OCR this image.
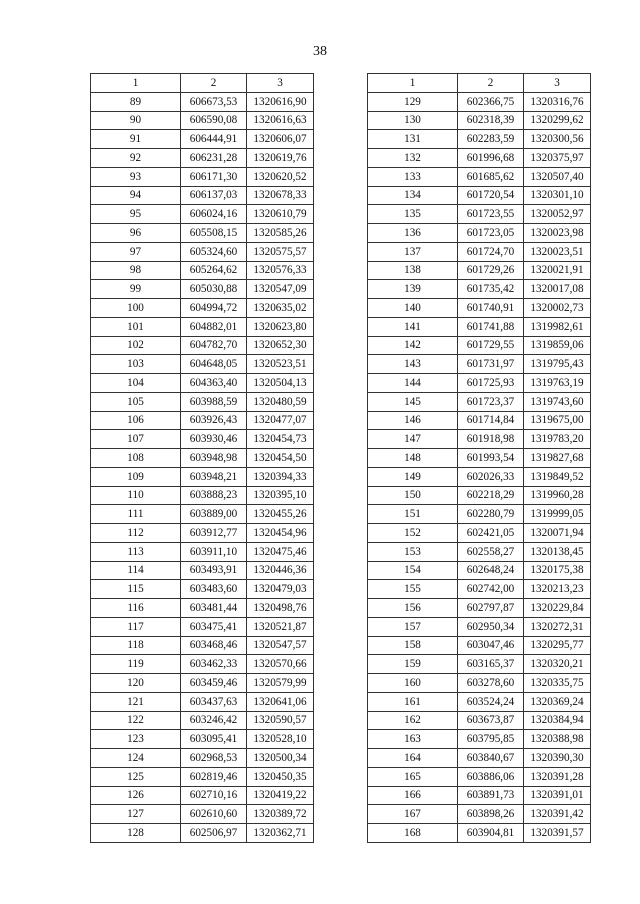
38
1	2	3
89	606673,53	1320616,90
90	606590,08	1320616,63
91	606444,91	1320606,07
92	606231,28	1320619,76
93	606171,30	1320620,52
94	606137,03	1320678,33
95	606024,16	1320610,79
96	605508,15	1320585,26
97	605324,60	1320575,57
98	605264,62	1320576,33
99	605030,88	1320547,09
100	604994,72	1320635,02
101	604882,01	1320623,80
102	604782,70	1320652,30
103	604648,05	1320523,51
104	604363,40	1320504,13
105	603988,59	1320480,59
106	603926,43	1320477,07
107	603930,46	1320454,73
108	603948,98	1320454,50
109	603948,21	1320394,33
110	603888,23	1320395,10
111	603889,00	1320455,26
112	603912,77	1320454,96
113	603911,10	1320475,46
114	603493,91	1320446,36
115	603483,60	1320479,03
116	603481,44	1320498,76
117	603475,41	1320521,87
118	603468,46	1320547,57
119	603462,33	1320570,66
120	603459,46	1320579,99
121	603437,63	1320641,06
122	603246,42	1320590,57
123	603095,41	1320528,10
124	602968,53	1320500,34
125	602819,46	1320450,35
126	602710,16	1320419,22
127	602610,60	1320389,72
128	602506,97	1320362,71
1	2	3
129	602366,75	1320316,76
130	602318,39	1320299,62
131	602283,59	1320300,56
132	601996,68	1320375,97
133	601685,62	1320507,40
134	601720,54	1320301,10
135	601723,55	1320052,97
136	601723,05	1320023,98
137	601724,70	1320023,51
138	601729,26	1320021,91
139	601735,42	1320017,08
140	601740,91	1320002,73
141	601741,88	1319982,61
142	601729,55	1319859,06
143	601731,97	1319795,43
144	601725,93	1319763,19
145	601723,37	1319743,60
146	601714,84	1319675,00
147	601918,98	1319783,20
148	601993,54	1319827,68
149	602026,33	1319849,52
150	602218,29	1319960,28
151	602280,79	1319999,05
152	602421,05	1320071,94
153	602558,27	1320138,45
154	602648,24	1320175,38
155	602742,00	1320213,23
156	602797,87	1320229,84
157	602950,34	1320272,31
158	603047,46	1320295,77
159	603165,37	1320320,21
160	603278,60	1320335,75
161	603524,24	1320369,24
162	603673,87	1320384,94
163	603795,85	1320388,98
164	603840,67	1320390,30
165	603886,06	1320391,28
166	603891,73	1320391,01
167	603898,26	1320391,42
168	603904,81	1320391,57
